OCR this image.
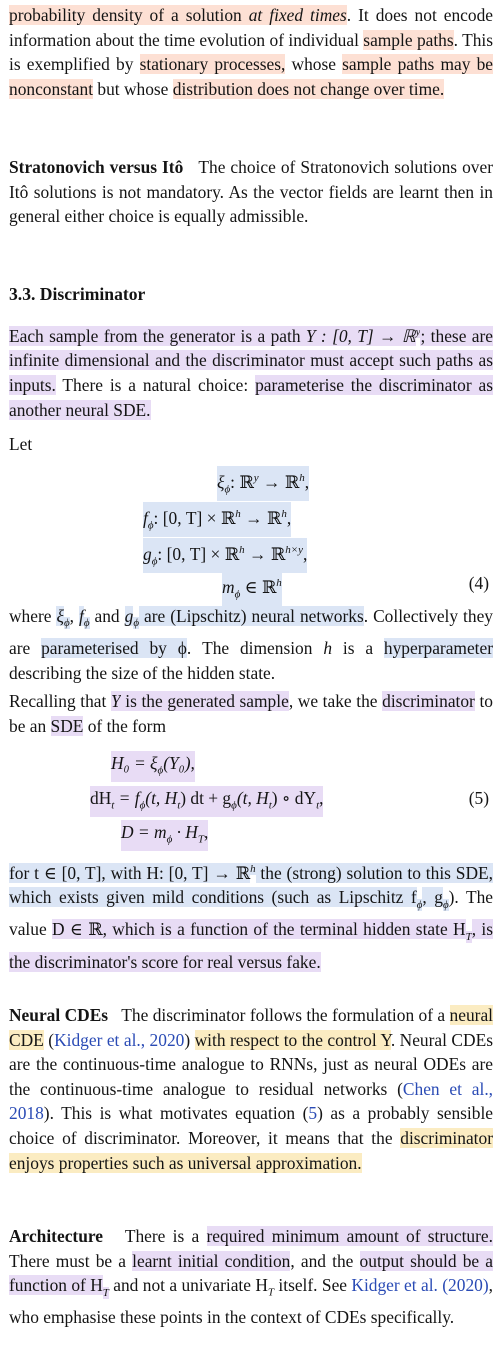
probability density of a solution at fixed times. It does not encode information about the time evolution of individual sample paths. This is exemplified by stationary processes, whose sample paths may be nonconstant but whose distribution does not change over time.

Stratonovich versus Itô The choice of Stratonovich solutions over Itô solutions is not mandatory. As the vector fields are learnt then in general either choice is equally admissible.

3.3. Discriminator

Each sample from the generator is a path Y : [0, T] → ℝ$^y$; these are infinite dimensional and the discriminator must accept such paths as inputs. There is a natural choice: parameterise the discriminator as another neural SDE.

Let
$\xi_\phi$: ℝ$^y$ → ℝ$^h$,
$f_\phi$: [0, T] × ℝ$^h$ → ℝ$^h$,
$g_\phi$: [0, T] × ℝ$^h$ → ℝ$^{h\times y}$,
$m_\phi$ ∈ ℝ$^h$	(4)

where $\xi_\phi$, $f_\phi$ and $g_\phi$ are (Lipschitz) neural networks. Collectively they are parameterised by ϕ. The dimension h is a hyperparameter describing the size of the hidden state.

Recalling that Y is the generated sample, we take the discriminator to be an SDE of the form

$H_0 = \xi_\phi(Y_0)$,
$dH_t = f_\phi(t$, $H_t$) dt + $g_\phi(t$, $H_t$) ∘ $dY_t$,
$D = m_\phi \cdot H_T$,
(5)

for t ∈ [0, T], with H: [0, T] → ℝ$^h$ the (strong) solution to this SDE, which exists given mild conditions (such as Lipschitz $f_\phi$, $g_\phi$). The value D ∈ ℝ, which is a function of the terminal hidden state $H_T$, is the discriminator's score for real versus fake.

Neural CDEs The discriminator follows the formulation of a neural CDE (Kidger et al., 2020) with respect to the control Y. Neural CDEs are the continuous-time analogue to RNNs, just as neural ODEs are the continuous-time analogue to residual networks (Chen et al., 2018). This is what motivates equation (5) as a probably sensible choice of discriminator. Moreover, it means that the discriminator enjoys properties such as universal approximation.

Architecture There is a required minimum amount of structure. There must be a learnt initial condition, and the output should be a function of $H_T$ and not a univariate $H_T$ itself. See Kidger et al. (2020), who emphasise these points in the context of CDEs specifically.
